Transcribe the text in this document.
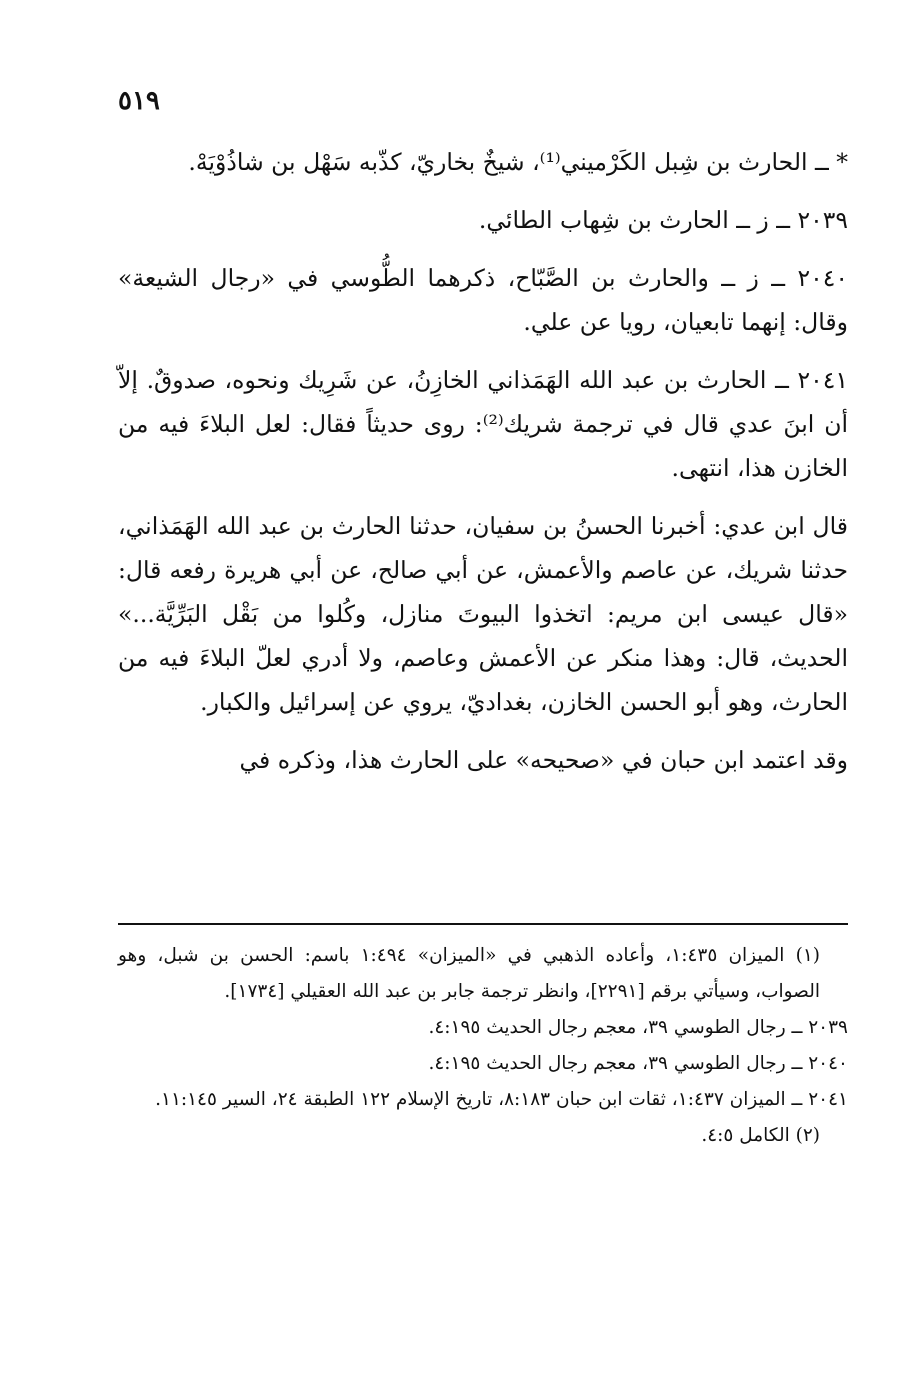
* ــ الحارث بن شِبل الكَرْميني⁽¹⁾، شيخٌ بخاريّ، كذّبه سَهْل بن شاذُوْيَهْ.

٢٠٣٩ ــ ز ــ الحارث بن شِهاب الطائي.

٢٠٤٠ ــ ز ــ والحارث بن الصَّبّاح، ذكرهما الطُّوسي في «رجال الشيعة» وقال: إنهما تابعيان، رويا عن علي.

٢٠٤١ ــ الحارث بن عبد الله الهَمَذاني الخازِنُ، عن شَرِيك ونحوه، صدوقٌ. إلاّ أن ابنَ عدي قال في ترجمة شريك⁽²⁾: روى حديثاً فقال: لعل البلاءَ فيه من الخازن هذا، انتهى.

قال ابن عدي: أخبرنا الحسنُ بن سفيان، حدثنا الحارث بن عبد الله الهَمَذاني، حدثنا شريك، عن عاصم والأعمش، عن أبي صالح، عن أبي هريرة رفعه قال: «قال عيسى ابن مريم: اتخذوا البيوتَ منازل، وكُلوا من بَقْل البَرِّيَّة...» الحديث، قال: وهذا منكر عن الأعمش وعاصم، ولا أدري لعلّ البلاءَ فيه من الحارث، وهو أبو الحسن الخازن، بغداديّ، يروي عن إسرائيل والكبار.

وقد اعتمد ابن حبان في «صحيحه» على الحارث هذا، وذكره في

(١) الميزان ١:٤٣٥، وأعاده الذهبي في «الميزان» ١:٤٩٤ باسم: الحسن بن شبل، وهو الصواب، وسيأتي برقم [٢٢٩١]، وانظر ترجمة جابر بن عبد الله العقيلي [١٧٣٤].

٢٠٣٩ ــ رجال الطوسي ٣٩، معجم رجال الحديث ٤:١٩٥.

٢٠٤٠ ــ رجال الطوسي ٣٩، معجم رجال الحديث ٤:١٩٥.

٢٠٤١ ــ الميزان ١:٤٣٧، ثقات ابن حبان ٨:١٨٣، تاريخ الإسلام ١٢٢ الطبقة ٢٤، السير ١١:١٤٥.

(٢) الكامل ٤:٥.

٥١٩
